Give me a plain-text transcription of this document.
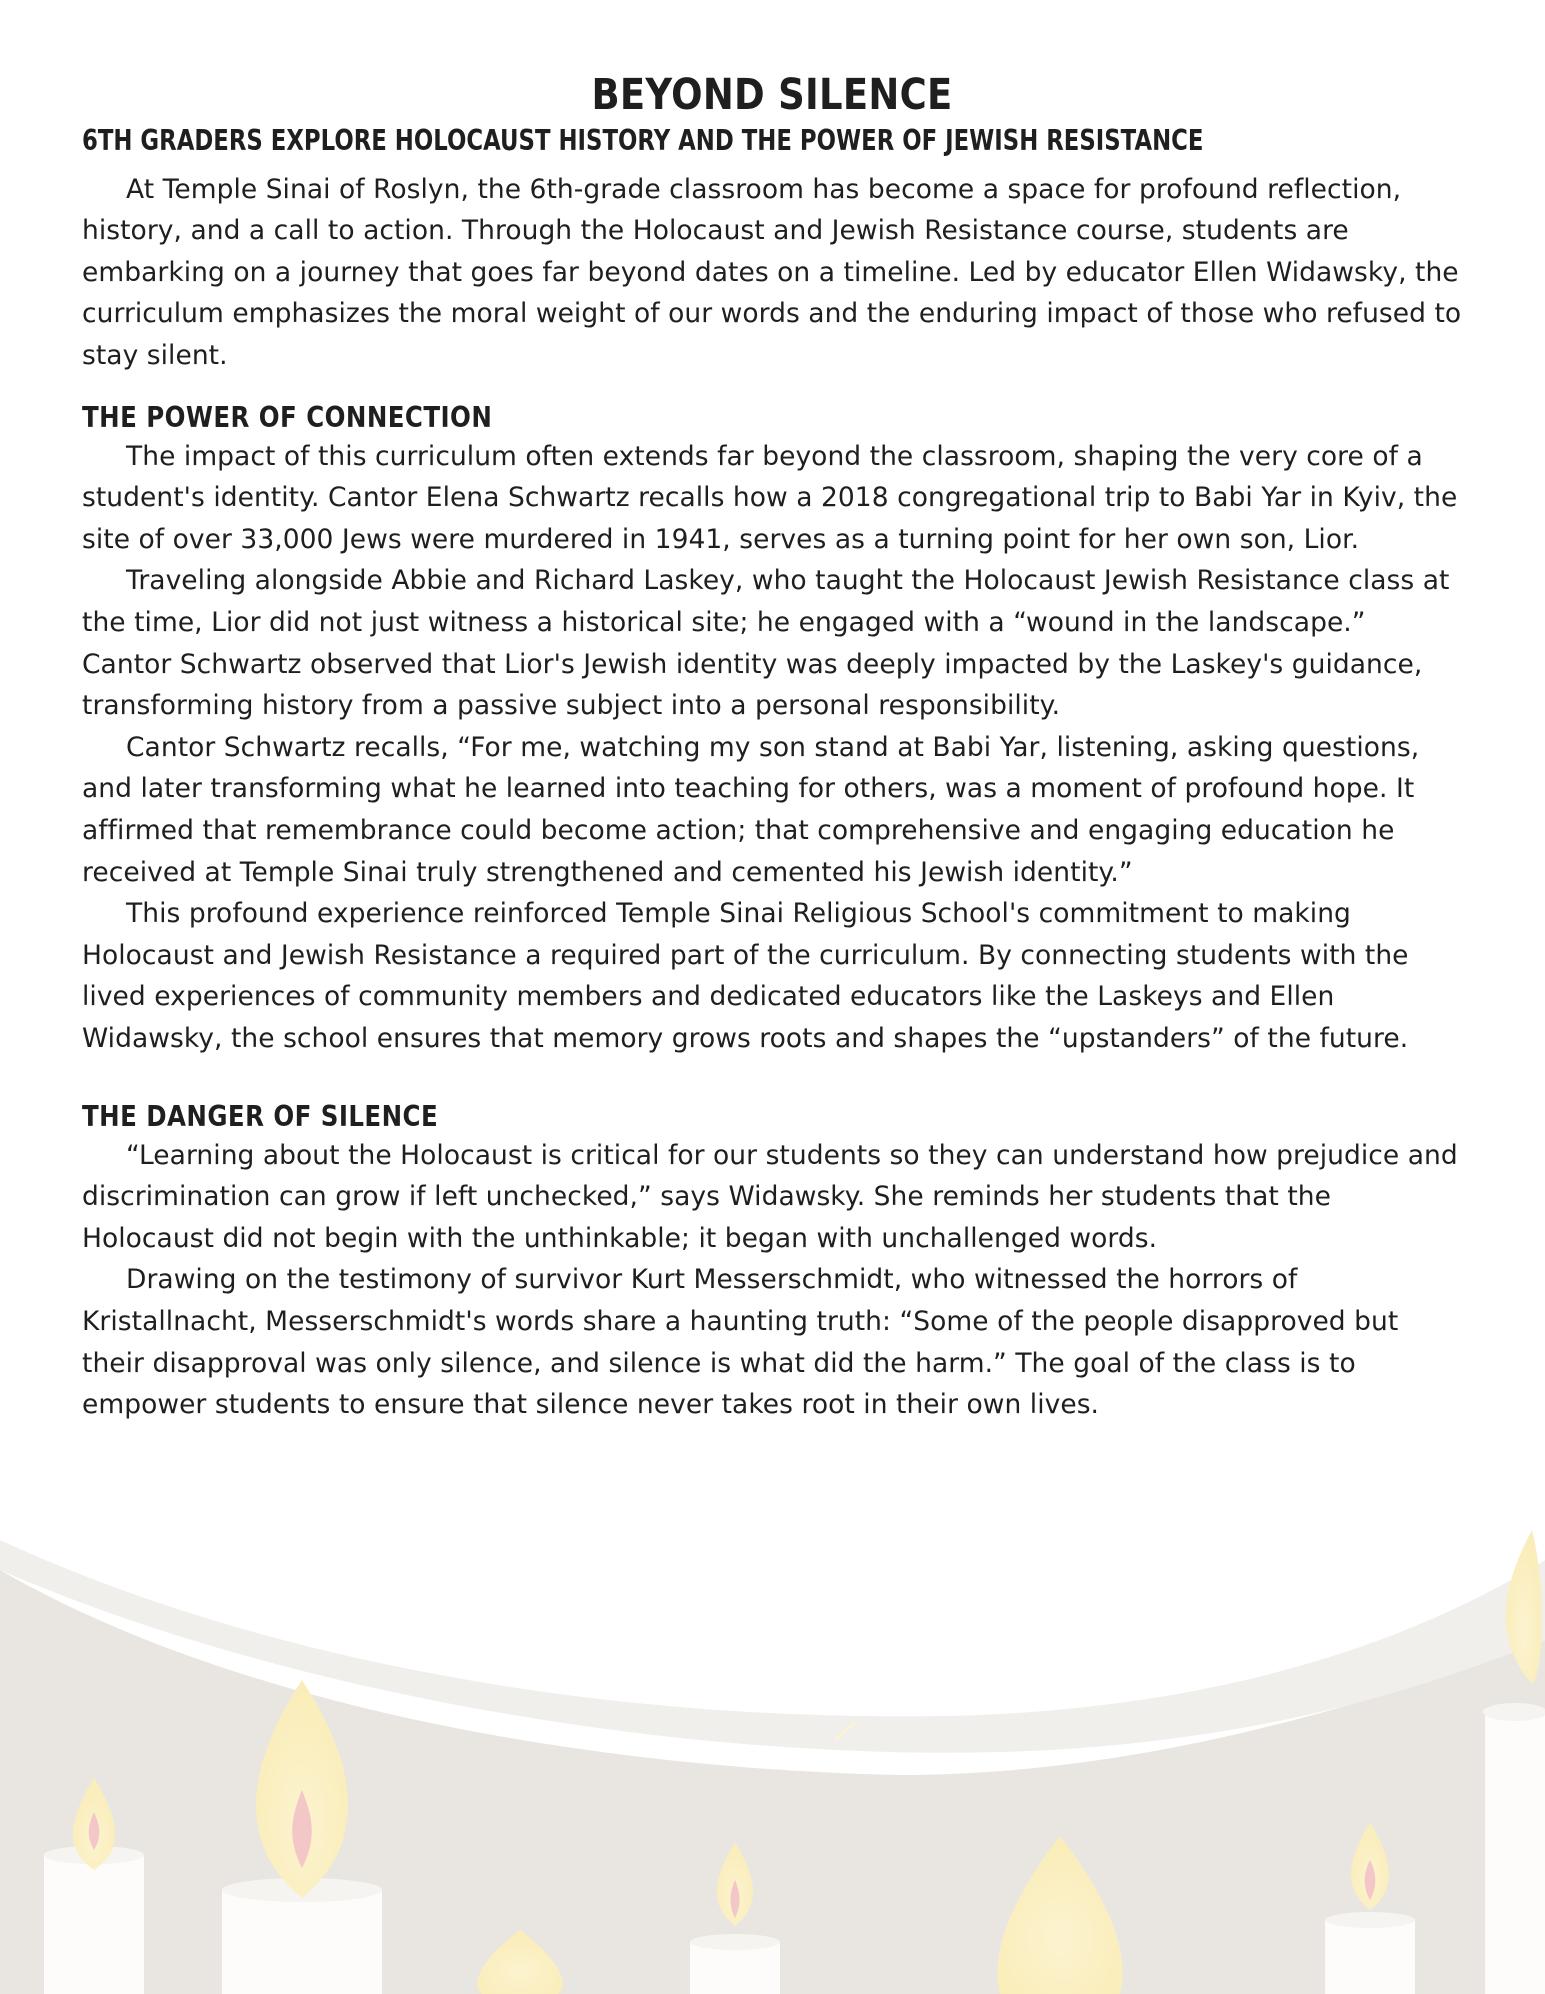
BEYOND SILENCE
6TH GRADERS EXPLORE HOLOCAUST HISTORY AND THE POWER OF JEWISH RESISTANCE

At Temple Sinai of Roslyn, the 6th-grade classroom has become a space for profound reflection, history, and a call to action. Through the Holocaust and Jewish Resistance course, students are embarking on a journey that goes far beyond dates on a timeline. Led by educator Ellen Widawsky, the curriculum emphasizes the moral weight of our words and the enduring impact of those who refused to stay silent.

THE POWER OF CONNECTION

The impact of this curriculum often extends far beyond the classroom, shaping the very core of a student's identity. Cantor Elena Schwartz recalls how a 2018 congregational trip to Babi Yar in Kyiv, the site of over 33,000 Jews were murdered in 1941, serves as a turning point for her own son, Lior.

Traveling alongside Abbie and Richard Laskey, who taught the Holocaust Jewish Resistance class at the time, Lior did not just witness a historical site; he engaged with a “wound in the landscape.” Cantor Schwartz observed that Lior's Jewish identity was deeply impacted by the Laskey's guidance, transforming history from a passive subject into a personal responsibility.

Cantor Schwartz recalls, “For me, watching my son stand at Babi Yar, listening, asking questions, and later transforming what he learned into teaching for others, was a moment of profound hope. It affirmed that remembrance could become action; that comprehensive and engaging education he received at Temple Sinai truly strengthened and cemented his Jewish identity.”

This profound experience reinforced Temple Sinai Religious School's commitment to making Holocaust and Jewish Resistance a required part of the curriculum. By connecting students with the lived experiences of community members and dedicated educators like the Laskeys and Ellen Widawsky, the school ensures that memory grows roots and shapes the “upstanders” of the future.

THE DANGER OF SILENCE

“Learning about the Holocaust is critical for our students so they can understand how prejudice and discrimination can grow if left unchecked,” says Widawsky. She reminds her students that the Holocaust did not begin with the unthinkable; it began with unchallenged words.

Drawing on the testimony of survivor Kurt Messerschmidt, who witnessed the horrors of Kristallnacht, Messerschmidt's words share a haunting truth: “Some of the people disapproved but their disapproval was only silence, and silence is what did the harm.” The goal of the class is to empower students to ensure that silence never takes root in their own lives.
